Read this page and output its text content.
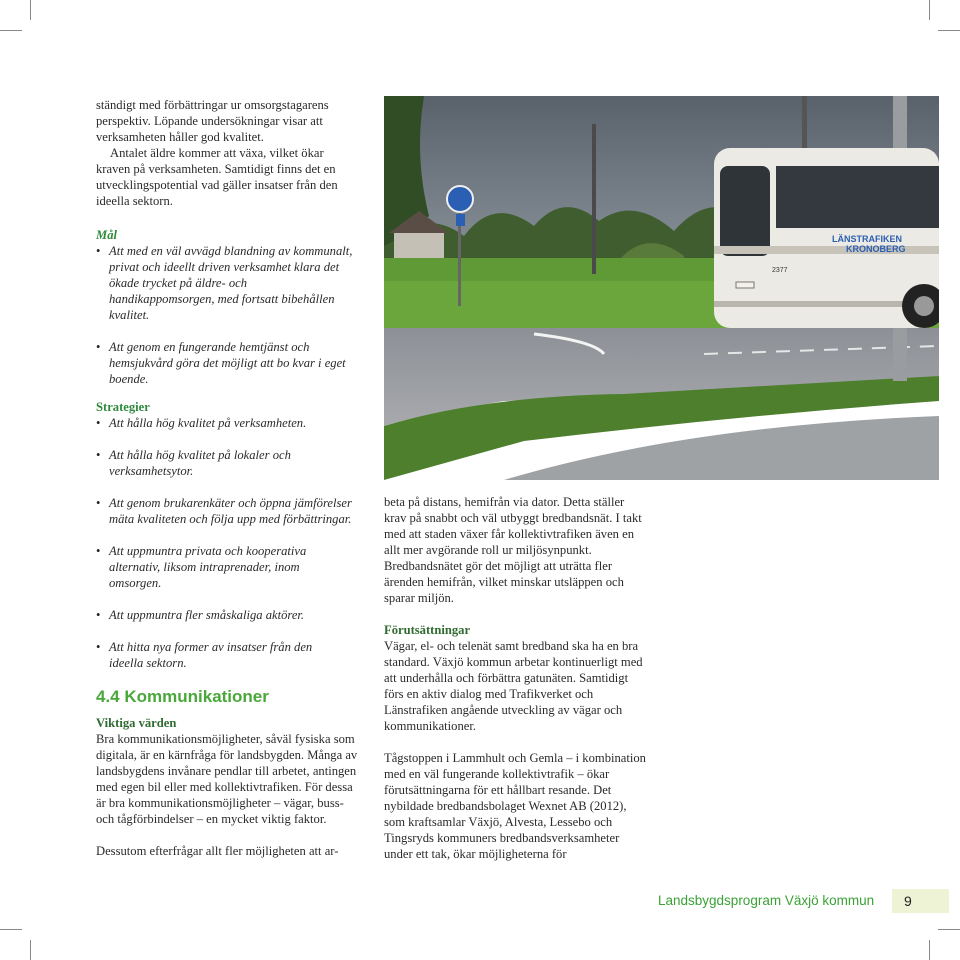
ständigt med förbättringar ur omsorgstagarens
perspektiv. Löpande undersökningar visar att
verksamheten håller god kvalitet.
Antalet äldre kommer att växa, vilket ökar
kraven på verksamheten. Samtidigt finns det en
utvecklingspotential vad gäller insatser från den
ideella sektorn.
Mål
• Att med en väl avvägd blandning av kommunalt, privat och ideellt driven verksamhet klara det ökade trycket på äldre- och handikappomsorgen, med fortsatt bibehållen kvalitet.
• Att genom en fungerande hemtjänst och hemsjukvård göra det möjligt att bo kvar i eget boende.
Strategier
• Att hålla hög kvalitet på verksamheten.
• Att hålla hög kvalitet på lokaler och verksamhetsytor.
• Att genom brukarenkäter och öppna jämförelser mäta kvaliteten och följa upp med förbättringar.
• Att uppmuntra privata och kooperativa alternativ, liksom intraprenader, inom omsorgen.
• Att uppmuntra fler småskaliga aktörer.
• Att hitta nya former av insatser från den ideella sektorn.
4.4 Kommunikationer
Viktiga värden

Bra kommunikationsmöjligheter, såväl fysiska som digitala, är en kärnfråga för landsbygden. Många av landsbygdens invånare pendlar till arbetet, antingen med egen bil eller med kollektivtrafiken. För dessa är bra kommunikationsmöjligheter – vägar, buss- och tågförbindelser – en mycket viktig faktor.

Dessutom efterfrågar allt fler möjligheten att ar-

LÄNSTRAFIKEN
KRONOBERG
2377

beta på distans, hemifrån via dator. Detta ställer krav på snabbt och väl utbyggt bredbandsnät. I takt med att staden växer får kollektivtrafiken även en allt mer avgörande roll ur miljösynpunkt. Bredbandsnätet gör det möjligt att uträtta fler ärenden hemifrån, vilket minskar utsläppen och sparar miljön.

Förutsättningar

Vägar, el- och telenät samt bredband ska ha en bra standard. Växjö kommun arbetar kontinuerligt med att underhålla och förbättra gatunäten. Samtidigt förs en aktiv dialog med Trafikverket och Länstrafiken angående utveckling av vägar och kommunikationer.

Tågstoppen i Lammhult och Gemla – i kombination med en väl fungerande kollektivtrafik – ökar förutsättningarna för ett hållbart resande. Det nybildade bredbandsbolaget Wexnet AB (2012), som kraftsamlar Växjö, Alvesta, Lessebo och Tingsryds kommuners bredbandsverksamheter under ett tak, ökar möjligheterna för

Landsbygdsprogram Växjö kommun	9
